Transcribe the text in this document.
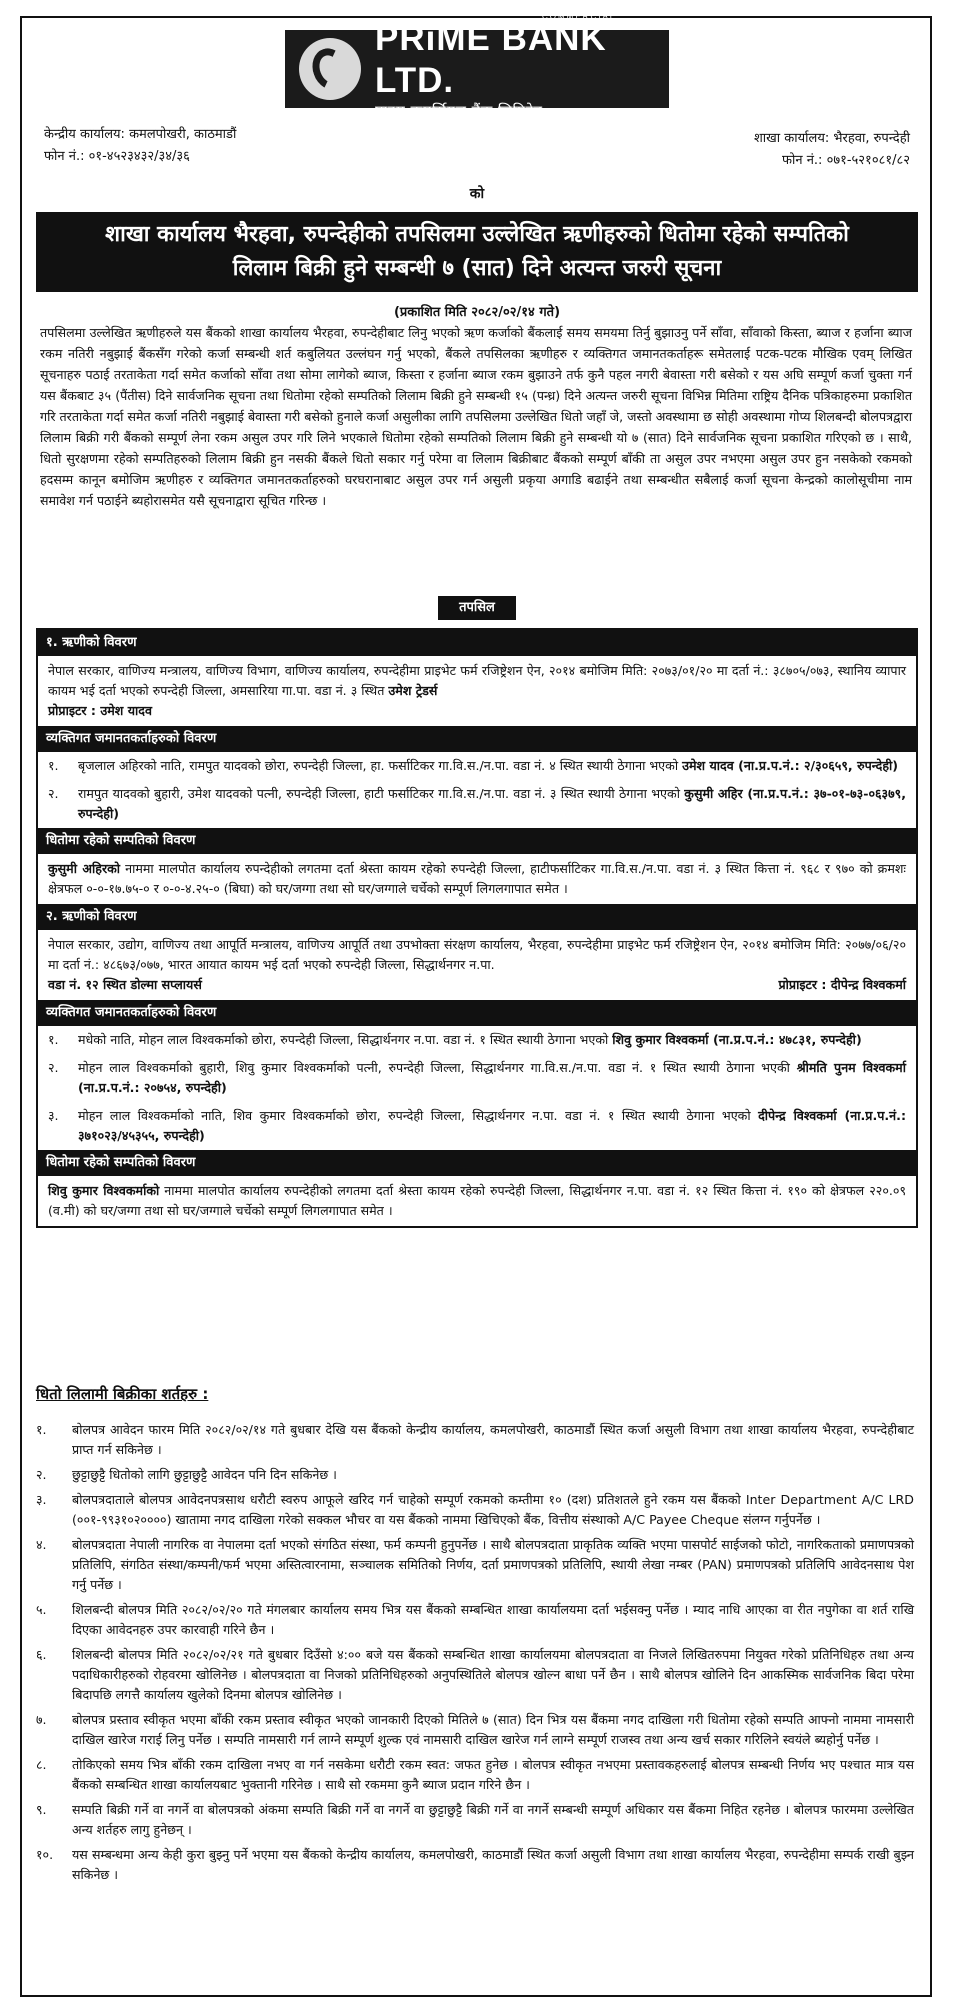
PRiME BANK LTD.
COMMERCIAL
प्राइम कमर्सियल बैंक लिमिटेड
केन्द्रीय कार्यालय: कमलपोखरी, काठमाडौं
फोन नं.: ०१-४५२३४३२/३४/३६
शाखा कार्यालय: भैरहवा, रुपन्देही
फोन नं.: ०७१-५२१०८१/८२
को
शाखा कार्यालय भैरहवा, रुपन्देहीको तपसिलमा उल्लेखित ऋणीहरुको धितोमा रहेको सम्पतिको
लिलाम बिक्री हुने सम्बन्धी ७ (सात) दिने अत्यन्त जरुरी सूचना
(प्रकाशित मिति २०८२/०२/१४ गते)

तपसिलमा उल्लेखित ऋणीहरुले यस बैंकको शाखा कार्यालय भैरहवा, रुपन्देहीबाट लिनु भएको ऋण कर्जाको बैंकलाई समय समयमा तिर्नु बुझाउनु पर्ने साँवा, साँवाको किस्ता, ब्याज र हर्जाना ब्याज रकम नतिरी नबुझाई बैंकसँग गरेको कर्जा सम्बन्धी शर्त कबुलियत उल्लंघन गर्नु भएको, बैंकले तपसिलका ऋणीहरु र व्यक्तिगत जमानतकर्ताहरू समेतलाई पटक-पटक मौखिक एवम् लिखित सूचनाहरु पठाई तरताकेता गर्दा समेत कर्जाको साँवा तथा सोमा लागेको ब्याज, किस्ता र हर्जाना ब्याज रकम बुझाउने तर्फ कुनै पहल नगरी बेवास्ता गरी बसेको र यस अघि सम्पूर्ण कर्जा चुक्ता गर्न यस बैंकबाट ३५ (पैंतीस) दिने सार्वजनिक सूचना तथा धितोमा रहेको सम्पतिको लिलाम बिक्री हुने सम्बन्धी १५ (पन्ध्र) दिने अत्यन्त जरुरी सूचना विभिन्न मितिमा राष्ट्रिय दैनिक पत्रिकाहरुमा प्रकाशित गरि तरताकेता गर्दा समेत कर्जा नतिरी नबुझाई बेवास्ता गरी बसेको हुनाले कर्जा असुलीका लागि तपसिलमा उल्लेखित धितो जहाँ जे, जस्तो अवस्थामा छ सोही अवस्थामा गोप्य शिलबन्दी बोलपत्रद्वारा लिलाम बिक्री गरी बैंकको सम्पूर्ण लेना रकम असुल उपर गरि लिने भएकाले धितोमा रहेको सम्पतिको लिलाम बिक्री हुने सम्बन्धी यो ७ (सात) दिने सार्वजनिक सूचना प्रकाशित गरिएको छ । साथै, धितो सुरक्षणमा रहेको सम्पतिहरुको लिलाम बिक्री हुन नसकी बैंकले धितो सकार गर्नु परेमा वा लिलाम बिक्रीबाट बैंकको सम्पूर्ण बाँकी ता असुल उपर नभएमा असुल उपर हुन नसकेको रकमको हदसम्म कानून बमोजिम ऋणीहरु र व्यक्तिगत जमानतकर्ताहरुको घरघरानाबाट असुल उपर गर्न असुली प्रकृया अगाडि बढाईने तथा सम्बन्धीत सबैलाई कर्जा सूचना केन्द्रको कालोसूचीमा नाम समावेश गर्न पठाईने ब्यहोरासमेत यसै सूचनाद्वारा सूचित गरिन्छ ।

तपसिल
१. ऋणीको विवरण
नेपाल सरकार, वाणिज्य मन्त्रालय, वाणिज्य विभाग, वाणिज्य कार्यालय, रुपन्देहीमा प्राइभेट फर्म रजिष्ट्रेशन ऐन, २०१४ बमोजिम मिति: २०७३/०१/२० मा दर्ता नं.: ३८७०५/०७३, स्थानिय व्यापार कायम भई दर्ता भएको रुपन्देही जिल्ला, अमसारिया गा.पा. वडा नं. ३ स्थित उमेश ट्रेडर्स
प्रोप्राइटर : उमेश यादव
व्यक्तिगत जमानतकर्ताहरुको विवरण
१.	बृजलाल अहिरको नाति, रामपुत यादवको छोरा, रुपन्देही जिल्ला, हा. फर्साटिकर गा.वि.स./न.पा. वडा नं. ४ स्थित स्थायी ठेगाना भएको उमेश यादव (ना.प्र.प.नं.: २/३०६५९, रुपन्देही)
२.	रामपुत यादवको बुहारी, उमेश यादवको पत्नी, रुपन्देही जिल्ला, हाटी फर्साटिकर गा.वि.स./न.पा. वडा नं. ३ स्थित स्थायी ठेगाना भएको कुसुमी अहिर (ना.प्र.प.नं.: ३७-०१-७३-०६३७९, रुपन्देही)
धितोमा रहेको सम्पतिको विवरण
कुसुमी अहिरको नाममा मालपोत कार्यालय रुपन्देहीको लगतमा दर्ता श्रेस्ता कायम रहेको रुपन्देही जिल्ला, हाटीफर्साटिकर गा.वि.स./न.पा. वडा नं. ३ स्थित कित्ता नं. ९६८ र ९७० को क्रमशः क्षेत्रफल ०-०-१७.७५-० र ०-०-४.२५-० (बिघा) को घर/जग्गा तथा सो घर/जग्गाले चर्चेको सम्पूर्ण लिगलगापात समेत ।
२. ऋणीको विवरण
नेपाल सरकार, उद्योग, वाणिज्य तथा आपूर्ति मन्त्रालय, वाणिज्य आपूर्ति तथा उपभोक्ता संरक्षण कार्यालय, भैरहवा, रुपन्देहीमा प्राइभेट फर्म रजिष्ट्रेशन ऐन, २०१४ बमोजिम मिति: २०७७/०६/२० मा दर्ता नं.: ४८६७३/०७७, भारत आयात कायम भई दर्ता भएको रुपन्देही जिल्ला, सिद्धार्थनगर न.पा.
वडा नं. १२ स्थित डोल्मा सप्लायर्स	प्रोप्राइटर : दीपेन्द्र विश्वकर्मा
व्यक्तिगत जमानतकर्ताहरुको विवरण
१.	मधेको नाति, मोहन लाल विश्वकर्माको छोरा, रुपन्देही जिल्ला, सिद्धार्थनगर न.पा. वडा नं. १ स्थित स्थायी ठेगाना भएको शिवु कुमार विश्वकर्मा (ना.प्र.प.नं.: ४७८३१, रुपन्देही)
२.	मोहन लाल विश्वकर्माको बुहारी, शिवु कुमार विश्वकर्माको पत्नी, रुपन्देही जिल्ला, सिद्धार्थनगर गा.वि.स./न.पा. वडा नं. १ स्थित स्थायी ठेगाना भएकी श्रीमति पुनम विश्वकर्मा (ना.प्र.प.नं.: २०७५४, रुपन्देही)
३.	मोहन लाल विश्वकर्माको नाति, शिव कुमार विश्वकर्माको छोरा, रुपन्देही जिल्ला, सिद्धार्थनगर न.पा. वडा नं. १ स्थित स्थायी ठेगाना भएको दीपेन्द्र विश्वकर्मा (ना.प्र.प.नं.: ३७१०२३/४५३५५, रुपन्देही)
धितोमा रहेको सम्पतिको विवरण
शिवु कुमार विश्वकर्माको नाममा मालपोत कार्यालय रुपन्देहीको लगतमा दर्ता श्रेस्ता कायम रहेको रुपन्देही जिल्ला, सिद्धार्थनगर न.पा. वडा नं. १२ स्थित कित्ता नं. १९० को क्षेत्रफल २२०.०९ (व.मी) को घर/जग्गा तथा सो घर/जग्गाले चर्चेको सम्पूर्ण लिगलगापात समेत ।
धितो लिलामी बिक्रीका शर्तहरु :
१.	बोलपत्र आवेदन फारम मिति २०८२/०२/१४ गते बुधबार देखि यस बैंकको केन्द्रीय कार्यालय, कमलपोखरी, काठमाडौं स्थित कर्जा असुली विभाग तथा शाखा कार्यालय भैरहवा, रुपन्देहीबाट प्राप्त गर्न सकिनेछ ।
२.	छुट्टाछुट्टै धितोको लागि छुट्टाछुट्टै आवेदन पनि दिन सकिनेछ ।
३.	बोलपत्रदाताले बोलपत्र आवेदनपत्रसाथ धरौटी स्वरुप आफूले खरिद गर्न चाहेको सम्पूर्ण रकमको कम्तीमा १० (दश) प्रतिशतले हुने रकम यस बैंकको Inter Department A/C LRD (००१-९९३१०२००००) खातामा नगद दाखिला गरेको सक्कल भौचर वा यस बैंकको नाममा खिचिएको बैंक, वित्तीय संस्थाको A/C Payee Cheque संलग्न गर्नुपर्नेछ ।
४.	बोलपत्रदाता नेपाली नागरिक वा नेपालमा दर्ता भएको संगठित संस्था, फर्म कम्पनी हुनुपर्नेछ । साथै बोलपत्रदाता प्राकृतिक व्यक्ति भएमा पासपोर्ट साईजको फोटो, नागरिकताको प्रमाणपत्रको प्रतिलिपि, संगठित संस्था/कम्पनी/फर्म भएमा अस्तित्वारनामा, सञ्चालक समितिको निर्णय, दर्ता प्रमाणपत्रको प्रतिलिपि, स्थायी लेखा नम्बर (PAN) प्रमाणपत्रको प्रतिलिपि आवेदनसाथ पेश गर्नु पर्नेछ ।
५.	शिलबन्दी बोलपत्र मिति २०८२/०२/२० गते मंगलबार कार्यालय समय भित्र यस बैंकको सम्बन्धित शाखा कार्यालयमा दर्ता भईसक्नु पर्नेछ । म्याद नाधि आएका वा रीत नपुगेका वा शर्त राखि दिएका आवेदनहरु उपर कारवाही गरिने छैन ।
६.	शिलबन्दी बोलपत्र मिति २०८२/०२/२१ गते बुधबार दिउँसो ४:०० बजे यस बैंकको सम्बन्धित शाखा कार्यालयमा बोलपत्रदाता वा निजले लिखितरुपमा नियुक्त गरेको प्रतिनिधिहरु तथा अन्य पदाधिकारीहरुको रोहवरमा खोलिनेछ । बोलपत्रदाता वा निजको प्रतिनिधिहरुको अनुपस्थितिले बोलपत्र खोल्न बाधा पर्ने छैन । साथै बोलपत्र खोलिने दिन आकस्मिक सार्वजनिक बिदा परेमा बिदापछि लगत्तै कार्यालय खुलेको दिनमा बोलपत्र खोलिनेछ ।
७.	बोलपत्र प्रस्ताव स्वीकृत भएमा बाँकी रकम प्रस्ताव स्वीकृत भएको जानकारी दिएको मितिले ७ (सात) दिन भित्र यस बैंकमा नगद दाखिला गरी धितोमा रहेको सम्पति आफ्नो नाममा नामसारी दाखिल खारेज गराई लिनु पर्नेछ । सम्पति नामसारी गर्न लाग्ने सम्पूर्ण शुल्क एवं नामसारी दाखिल खारेज गर्न लाग्ने सम्पूर्ण राजस्व तथा अन्य खर्च सकार गरिलिने स्वयंले ब्यहोर्नु पर्नेछ ।
८.	तोकिएको समय भित्र बाँकी रकम दाखिला नभए वा गर्न नसकेमा धरौटी रकम स्वत: जफत हुनेछ । बोलपत्र स्वीकृत नभएमा प्रस्तावकहरुलाई बोलपत्र सम्बन्धी निर्णय भए पश्चात मात्र यस बैंकको सम्बन्धित शाखा कार्यालयबाट भुक्तानी गरिनेछ । साथै सो रकममा कुनै ब्याज प्रदान गरिने छैन ।
९.	सम्पति बिक्री गर्ने वा नगर्ने वा बोलपत्रको अंकमा सम्पति बिक्री गर्ने वा नगर्ने वा छुट्टाछुट्टै बिक्री गर्ने वा नगर्ने सम्बन्धी सम्पूर्ण अधिकार यस बैंकमा निहित रहनेछ । बोलपत्र फारममा उल्लेखित अन्य शर्तहरु लागु हुनेछन् ।
१०.	यस सम्बन्धमा अन्य केही कुरा बुझ्नु पर्ने भएमा यस बैंकको केन्द्रीय कार्यालय, कमलपोखरी, काठमाडौं स्थित कर्जा असुली विभाग तथा शाखा कार्यालय भैरहवा, रुपन्देहीमा सम्पर्क राखी बुझ्न सकिनेछ ।
